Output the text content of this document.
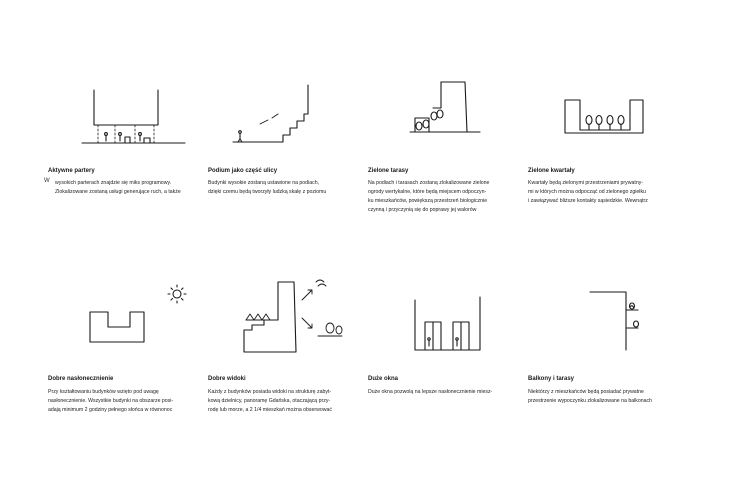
W
Aktywne partery
wysokich parterach znajdzie się miks programowy.
Zlokalizowane zostaną usługi generujące ruch, a także
Podium jako część ulicy
Budynki wysokie zostaną ustawione na podiach,
dzięki czemu będą tworzyły ludzką skalę z poziomu
Zielone tarasy
Na podiach i tarasach zostaną zlokalizowane zielone
ogrody wertykalne, które będą miejscem odpoczyn-
ku mieszkańców, powiększą przestrzeń biologicznie
czynną i przyczynią się do poprawy jej walorów
Zielone kwartały
Kwartały będą zielonymi przestrzeniami prywatny-
mi w których można odpocząć od zielonego zgiełku
i zawiązywać bliższe kontakty sąsiedzkie. Wewnątrz
Dobre nasłonecznienie
Przy kształtowaniu budynków wzięto pod uwagę
nasłonecznienie. Wszystkie budynki na obszarze posi-
adają minimum 2 godziny pełnego słońca w równonoc
Dobre widoki
Każdy z budynków posiada widoki na strukturę zabyt-
kową dzielnicy, panoramę Gdańska, otaczającą przy-
rodę lub morze, a 2 1/4 mieszkań można obserwować
Duże okna
Duże okna pozwolą na lepsze nasłonecznienie miesz-
Balkony i tarasy
Niektórzy z mieszkańców będą posiadać prywatne
przestrzenie wypoczynku zlokalizowane na balkonach
